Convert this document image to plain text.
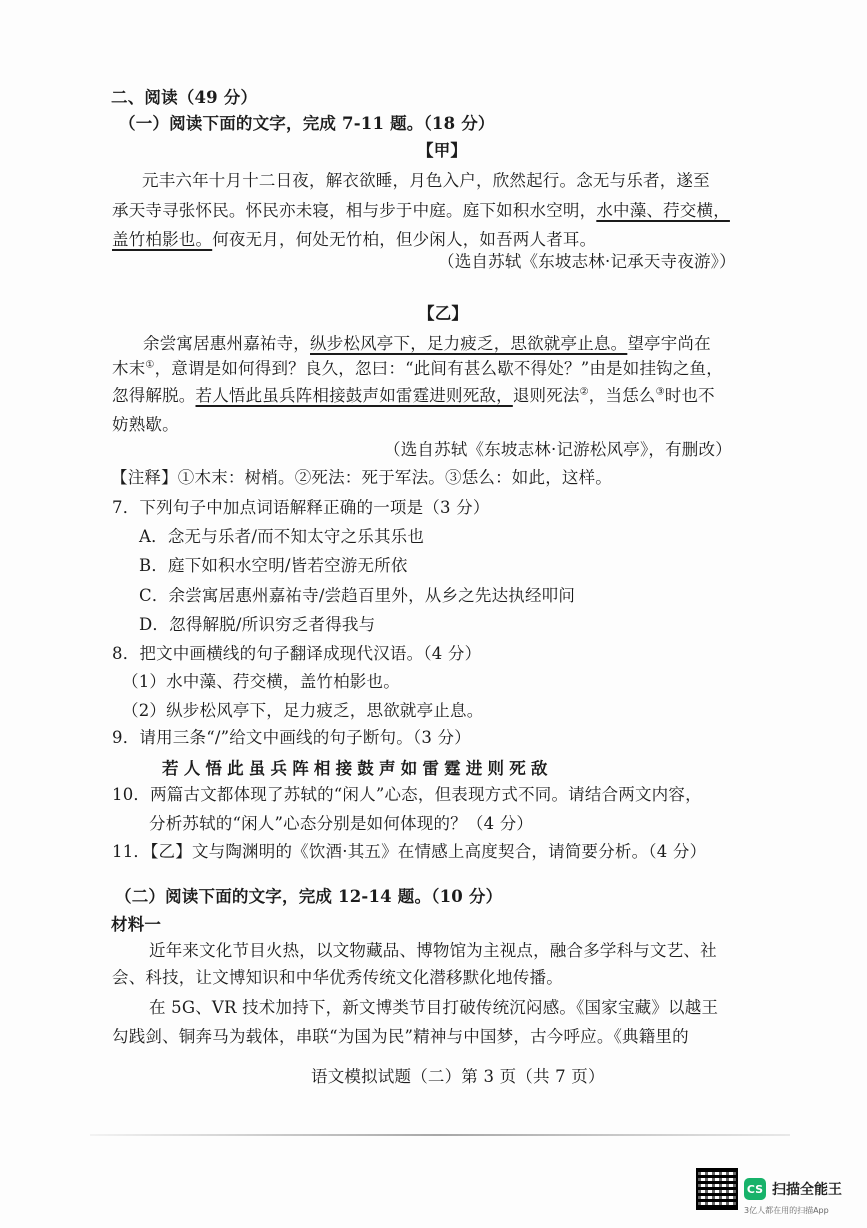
二、阅读（49 分）
（一）阅读下面的文字，完成 7-11 题。（18 分）
【甲】
元丰六年十月十二日夜，解衣欲睡，月色入户，欣然起行。念无与乐者，遂至
承天寺寻张怀民。怀民亦未寝，相与步于中庭。庭下如积水空明，水中藻、荇交横，
盖竹柏影也。何夜无月，何处无竹柏，但少闲人，如吾两人者耳。
（选自苏轼《东坡志林·记承天寺夜游》）
【乙】
余尝寓居惠州嘉祐寺，纵步松风亭下，足力疲乏，思欲就亭止息。望亭宇尚在
木末①，意谓是如何得到？良久，忽曰：“此间有甚么歇不得处？”由是如挂钩之鱼，
忽得解脱。若人悟此虽兵阵相接鼓声如雷霆进则死敌，退则死法②，当恁么③时也不
妨熟歇。
（选自苏轼《东坡志林·记游松风亭》，有删改）
【注释】①木末：树梢。②死法：死于军法。③恁么：如此，这样。
7．下列句子中加点词语解释正确的一项是（3 分）
A．念无与乐者/而不知太守之乐其乐也
B．庭下如积水空明/皆若空游无所依
C．余尝寓居惠州嘉祐寺/尝趋百里外，从乡之先达执经叩问
D．忽得解脱/所识穷乏者得我与
8．把文中画横线的句子翻译成现代汉语。（4 分）
（1）水中藻、荇交横，盖竹柏影也。
（2）纵步松风亭下，足力疲乏，思欲就亭止息。
9．请用三条“/”给文中画线的句子断句。（3 分）
若人悟此虽兵阵相接鼓声如雷霆进则死敌
10．两篇古文都体现了苏轼的“闲人”心态，但表现方式不同。请结合两文内容，
分析苏轼的“闲人”心态分别是如何体现的？（4 分）
11．【乙】文与陶渊明的《饮酒·其五》在情感上高度契合，请简要分析。（4 分）
（二）阅读下面的文字，完成 12-14 题。（10 分）
材料一
近年来文化节目火热，以文物藏品、博物馆为主视点，融合多学科与文艺、社
会、科技，让文博知识和中华优秀传统文化潜移默化地传播。
在 5G、VR 技术加持下，新文博类节目打破传统沉闷感。《国家宝藏》以越王
勾践剑、铜奔马为载体，串联“为国为民”精神与中国梦，古今呼应。《典籍里的
语文模拟试题（二）第 3 页（共 7 页）
CS 扫描全能王
3亿人都在用的扫描App
